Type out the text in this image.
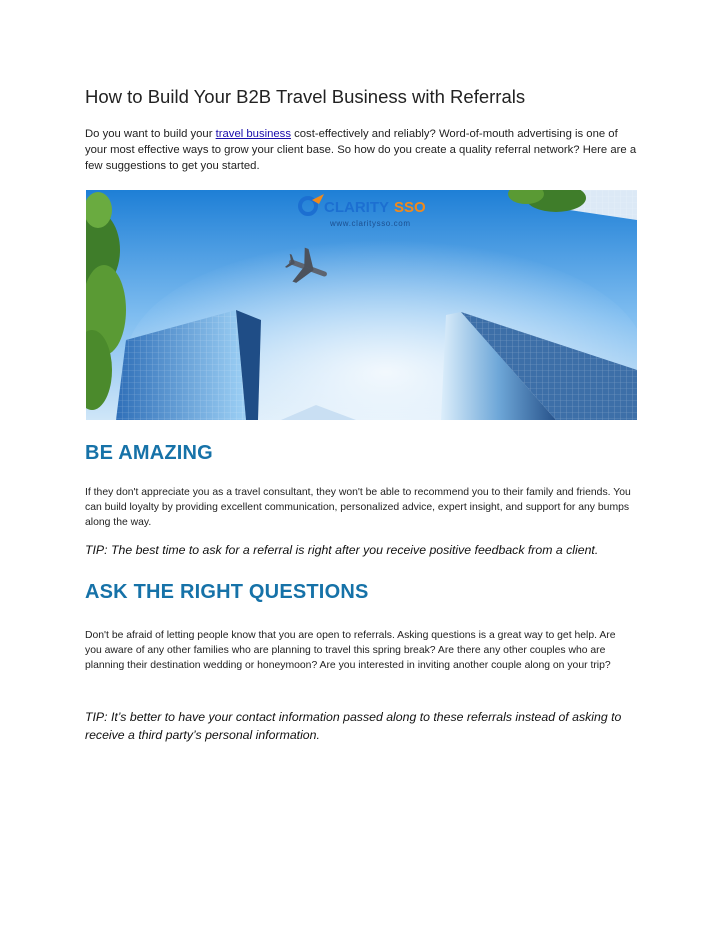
How to Build Your B2B Travel Business with Referrals
Do you want to build your travel business cost-effectively and reliably? Word-of-mouth advertising is one of your most effective ways to grow your client base. So how do you create a quality referral network? Here are a few suggestions to get you started.
CLARITY SSO
www.claritysso.com
BE AMAZING
If they don't appreciate you as a travel consultant, they won't be able to recommend you to their family and friends. You can build loyalty by providing excellent communication, personalized advice, expert insight, and support for any bumps along the way.
TIP: The best time to ask for a referral is right after you receive positive feedback from a client.
ASK THE RIGHT QUESTIONS
Don't be afraid of letting people know that you are open to referrals. Asking questions is a great way to get help. Are you aware of any other families who are planning to travel this spring break? Are there any other couples who are planning their destination wedding or honeymoon? Are you interested in inviting another couple along on your trip?
TIP: It’s better to have your contact information passed along to these referrals instead of asking to receive a third party’s personal information.
